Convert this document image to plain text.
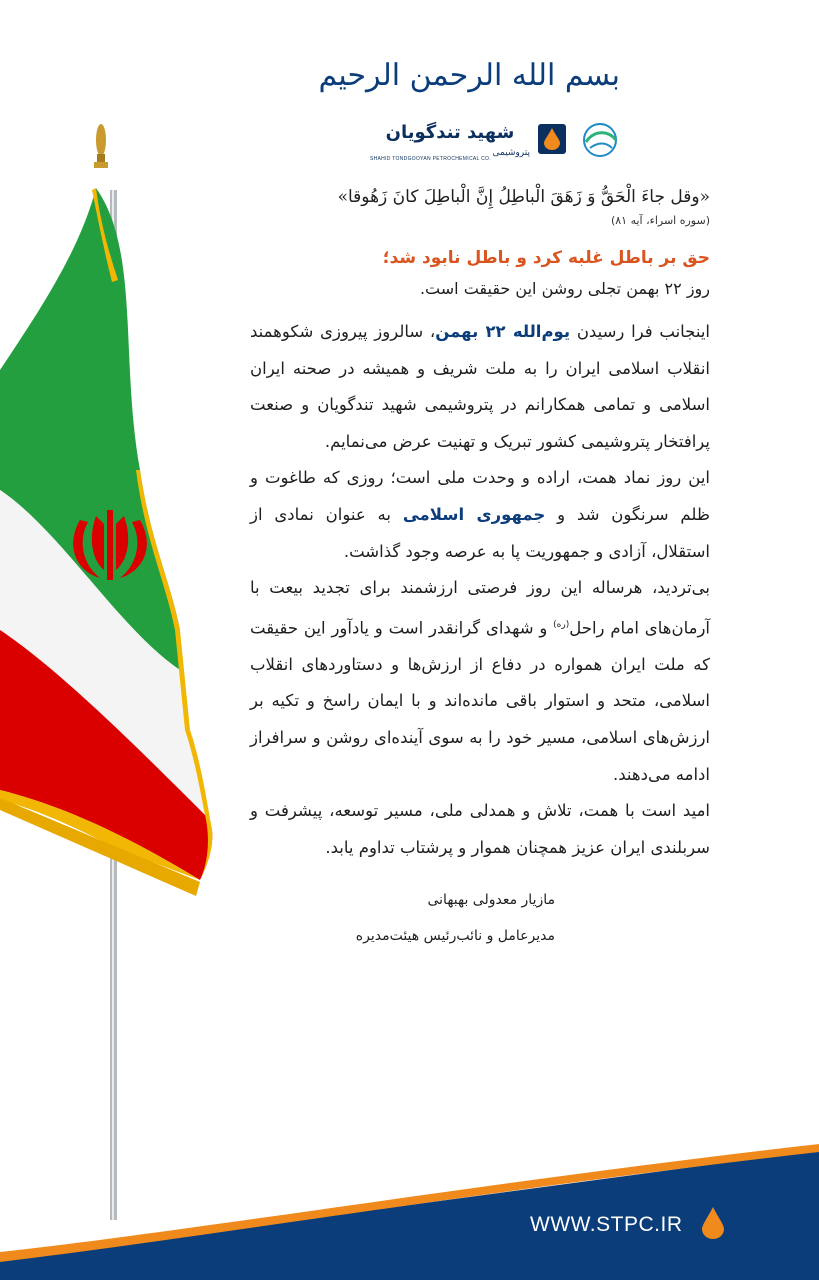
بسم الله الرحمن الرحیم
شهید تندگویان
پتروشیمی
SHAHID TONDGOOYAN PETROCHEMICAL CO.
«وقل جاءَ الْحَقُّ وَ زَهَقَ الْباطِلُ إِنَّ الْباطِلَ کانَ زَهُوقا»
(سوره اسراء، آیه ۸۱)
حق بر باطل غلبه کرد و باطل نابود شد؛
روز ۲۲ بهمن تجلی روشن این حقیقت است.

اینجانب فرا رسیدن یوم‌الله ۲۲ بهمن، سالروز پیروزی شکوهمند انقلاب اسلامی ایران را به ملت شریف و همیشه در صحنه ایران اسلامی و تمامی همکارانم در پتروشیمی شهید تندگویان و صنعت پرافتخار پتروشیمی کشور تبریک و تهنیت عرض می‌نمایم.

این روز نماد همت، اراده و وحدت ملی است؛ روزی که طاغوت و ظلم سرنگون شد و جمهوری اسلامی به عنوان نمادی از استقلال، آزادی و جمهوریت پا به عرصه وجود گذاشت.

بی‌تردید، هرساله این روز فرصتی ارزشمند برای تجدید بیعت با آرمان‌های امام راحل$^{(ره)}$ و شهدای گرانقدر است و یادآور این حقیقت که ملت ایران همواره در دفاع از ارزش‌ها و دستاوردهای انقلاب اسلامی، متحد و استوار باقی مانده‌اند و با ایمان راسخ و تکیه بر ارزش‌های اسلامی، مسیر خود را به سوی آینده‌ای روشن و سرافراز ادامه می‌دهند.

امید است با همت، تلاش و همدلی ملی، مسیر توسعه، پیشرفت و سربلندی ایران عزیز همچنان هموار و پرشتاب تداوم یابد.

مازیار معدولی بهبهانی
مدیرعامل و نائب‌رئیس هیئت‌مدیره
WWW.STPC.IR
